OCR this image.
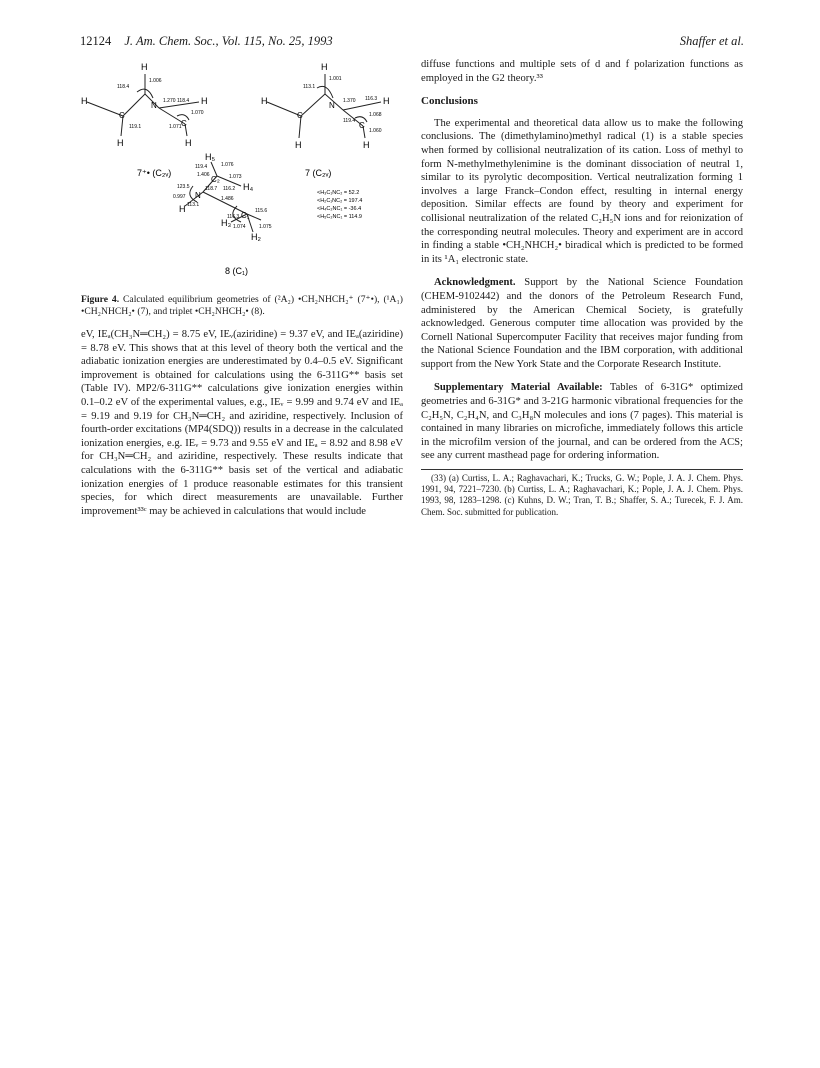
12124 J. Am. Chem. Soc., Vol. 115, No. 25, 1993	Shaffer et al.
H
H	N	H
C
C
H	H
1.006
1.270
1.071
1.070
118.4
118.4
119.1
7⁺• (C₂ᵥ)
H
H	N	H
C
C
H	H
1.001
1.370
1.068
1.060
113.1
116.3
119.4
7 (C₂ᵥ)
H₅
C₂
H₄
N
H
H₃
C₁
H₂
1.076
1.073
1.406
1.486
0.997
1.074	1.075
119.4
123.5	116.2
118.7
113.1
116.3
115.6
<H₃C₁NC₂ = 52.2
<H₂C₁NC₂ = 197.4
<H₄C₂NC₁ = -36.4
<H₅C₂NC₁ = 114.9
8 (C₁)
Figure 4. Calculated equilibrium geometries of (²A₂) •CH₂NHCH₂⁺ (7⁺•), (¹A₁) •CH₂NHCH₂• (7), and triplet •CH₂NHCH₂• (8).

eV, IEₐ(CH₃N═CH₂) = 8.75 eV, IEᵥ(aziridine) = 9.37 eV, and IEₐ(aziridine) = 8.78 eV. This shows that at this level of theory both the vertical and the adiabatic ionization energies are underestimated by 0.4–0.5 eV. Significant improvement is obtained for calculations using the 6-311G** basis set (Table IV). MP2/6-311G** calculations give ionization energies within 0.1–0.2 eV of the experimental values, e.g., IEᵥ = 9.99 and 9.74 eV and IEₐ = 9.19 and 9.19 for CH₃N═CH₂ and aziridine, respectively. Inclusion of fourth-order excitations (MP4(SDQ)) results in a decrease in the calculated ionization energies, e.g. IEᵥ = 9.73 and 9.55 eV and IEₐ = 8.92 and 8.98 eV for CH₃N═CH₂ and aziridine, respectively. These results indicate that calculations with the 6-311G** basis set of the vertical and adiabatic ionization energies of 1 produce reasonable estimates for this transient species, for which direct measurements are unavailable. Further improvement³³ᶜ may be achieved in calculations that would include

diffuse functions and multiple sets of d and f polarization functions as employed in the G2 theory.³³

Conclusions

The experimental and theoretical data allow us to make the following conclusions. The (dimethylamino)methyl radical (1) is a stable species when formed by collisional neutralization of its cation. Loss of methyl to form N-methylmethylenimine is the dominant dissociation of neutral 1, similar to its pyrolytic decomposition. Vertical neutralization forming 1 involves a large Franck–Condon effect, resulting in internal energy deposition. Similar effects are found by theory and experiment for collisional neutralization of the related C₂H₅N ions and for reionization of the corresponding neutral molecules. Theory and experiment are in accord in finding a stable •CH₂NHCH₂• biradical which is predicted to be formed in its ¹A₁ electronic state.

Acknowledgment. Support by the National Science Foundation (CHEM-9102442) and the donors of the Petroleum Research Fund, administered by the American Chemical Society, is gratefully acknowledged. Generous computer time allocation was provided by the Cornell National Supercomputer Facility that receives major funding from the National Science Foundation and the IBM corporation, with additional support from the New York State and the Corporate Research Institute.

Supplementary Material Available: Tables of 6-31G* optimized geometries and 6-31G* and 3-21G harmonic vibrational frequencies for the C₂H₅N, C₂H₄N, and C₃H₈N molecules and ions (7 pages). This material is contained in many libraries on microfiche, immediately follows this article in the microfilm version of the journal, and can be ordered from the ACS; see any current masthead page for ordering information.

(33) (a) Curtiss, L. A.; Raghavachari, K.; Trucks, G. W.; Pople, J. A. J. Chem. Phys. 1991, 94, 7221–7230. (b) Curtiss, L. A.; Raghavachari, K.; Pople, J. A. J. Chem. Phys. 1993, 98, 1283–1298. (c) Kuhns, D. W.; Tran, T. B.; Shaffer, S. A.; Turecek, F. J. Am. Chem. Soc. submitted for publication.
